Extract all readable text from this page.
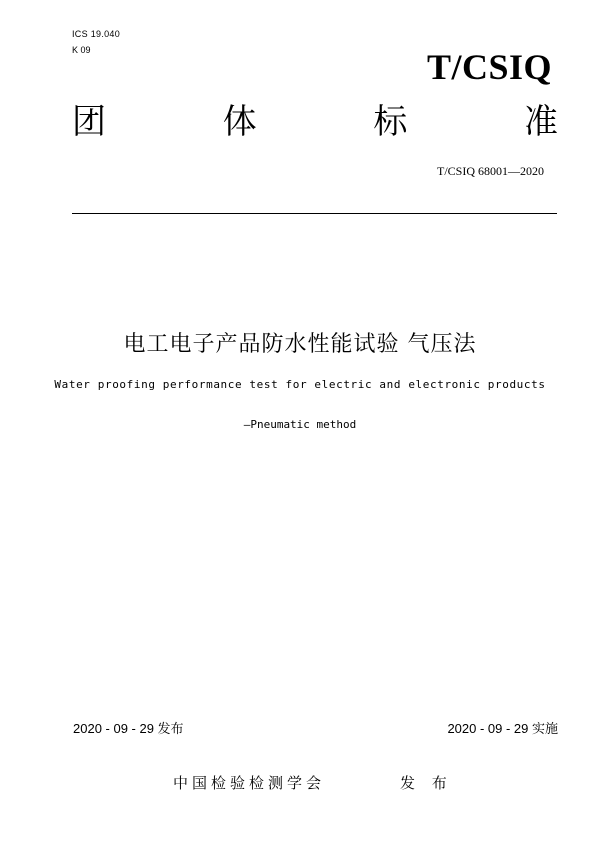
ICS 19.040
K 09	T/CSIQ
团	体	标	准
T/CSIQ 68001—2020
电工电子产品防水性能试验 气压法
Water proofing performance test for electric and electronic products
—Pneumatic method
2020 - 09 - 29 发布	2020 - 09 - 29 实施
中国检验检测学会	发 布
